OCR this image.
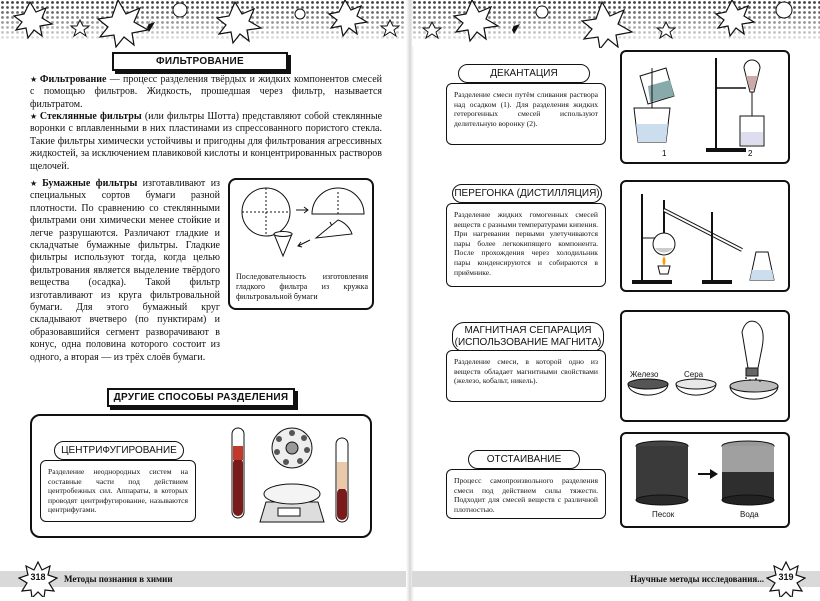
ФИЛЬТРОВАНИЕ

★ Фильтрование — процесс разделения твёрдых и жидких компонентов смесей с помощью фильтров. Жидкость, прошедшая через фильтр, называется фильтратом.

★ Стеклянные фильтры (или фильтры Шотта) представляют собой стеклянные воронки с вплавленными в них пластинами из спрессованного пористого стекла. Такие фильтры химически устойчивы и пригодны для фильтрования агрессивных жидкостей, за исключением плавиковой кислоты и концентрированных растворов щелочей.

★ Бумажные фильтры изготавливают из специальных сортов бумаги разной плотности. По сравнению со стеклянными фильтрами они химически менее стойкие и легче разрушаются. Различают гладкие и складчатые бумажные фильтры. Гладкие фильтры используют тогда, когда целью фильтрования является выделение твёрдого вещества (осадка). Такой фильтр изготавливают из круга фильтровальной бумаги. Для этого бумажный круг складывают вчетверо (по пунктирам) и образовавшийся сегмент разворачивают в конус, одна половина которого состоит из одного, а вторая — из трёх слоёв бумаги.

Последовательность изготовления гладкого фильтра из кружка фильтровальной бумаги
ДРУГИЕ СПОСОБЫ РАЗДЕЛЕНИЯ
ЦЕНТРИФУГИРОВАНИЕ
Разделение неоднородных систем на составные части под действием центробежных сил. Аппараты, в которых проводят центрифугирование, называются центрифугами.
Методы познания в химии
318
ДЕКАНТАЦИЯ
Разделение смеси путём сливания раствора над осадком (1). Для разделения жидких гетерогенных смесей используют делительную воронку (2).
1	2
ПЕРЕГОНКА (ДИСТИЛЛЯЦИЯ)
Разделение жидких гомогенных смесей веществ с разными температурами кипения. При нагревании первыми улетучиваются пары более легкокипящего компонента. После прохождения через холодильник пары конденсируются и собираются в приёмнике.
МАГНИТНАЯ СЕПАРАЦИЯ
(ИСПОЛЬЗОВАНИЕ МАГНИТА)
Разделение смеси, в которой одно из веществ обладает магнитными свойствами (железо, кобальт, никель).
Железо	Сера
ОТСТАИВАНИЕ
Процесс самопроизвольного разделения смеси под действием силы тяжести. Подходит для смесей веществ с различной плотностью.
Песок	Вода
Научные методы исследования...	319
